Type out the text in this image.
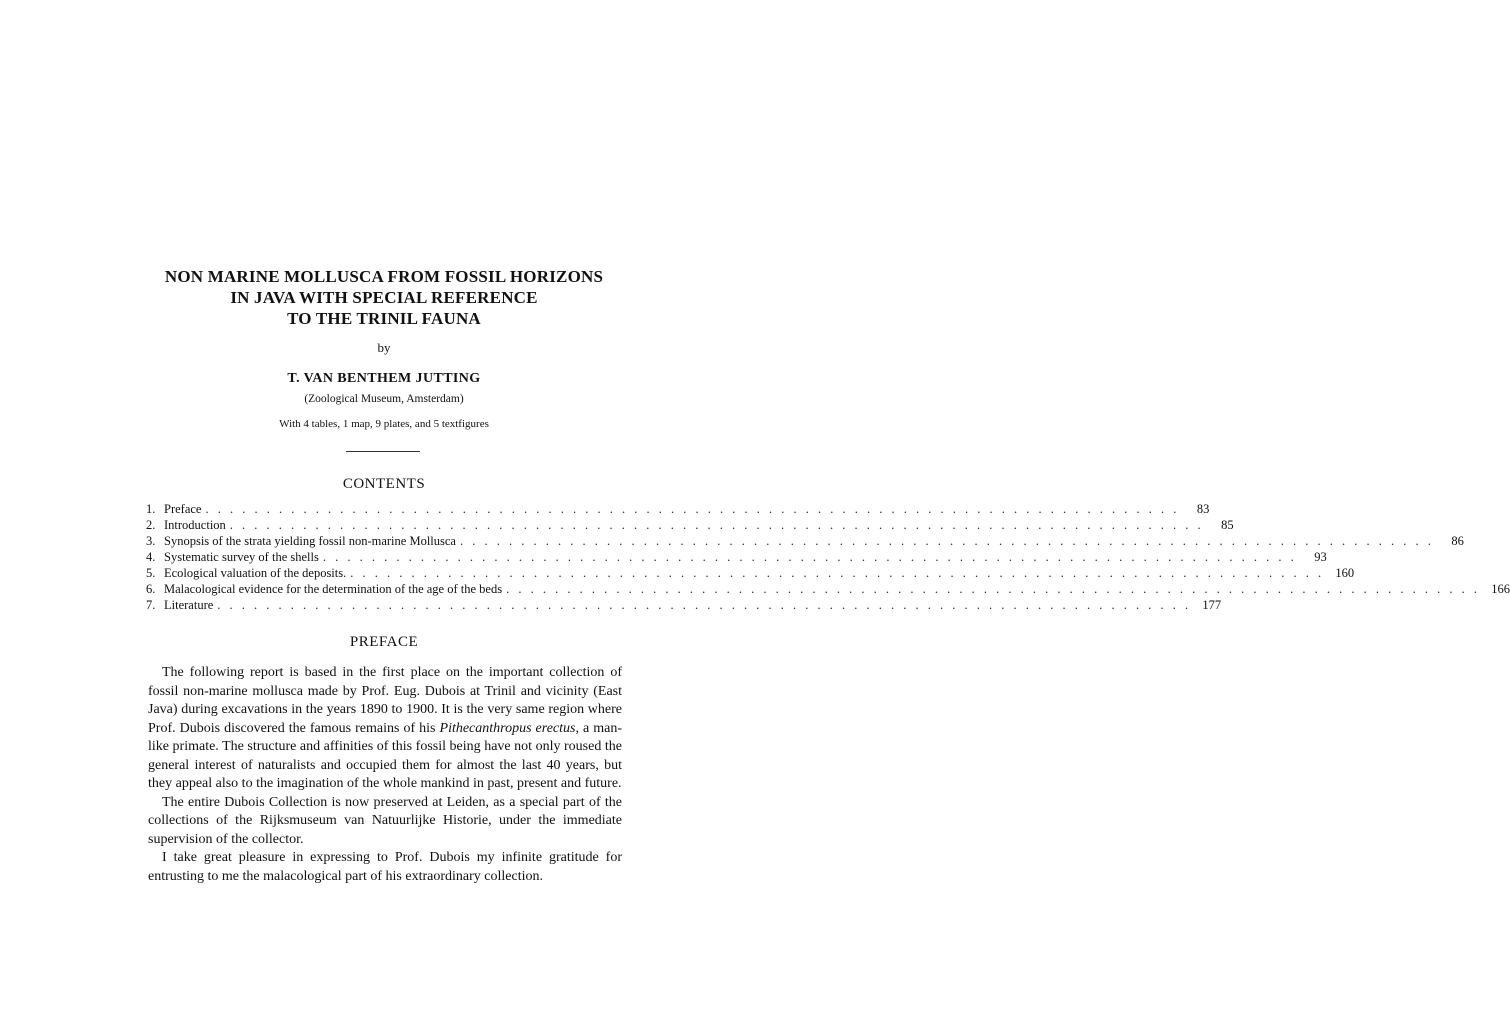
NON MARINE MOLLUSCA FROM FOSSIL HORIZONS
IN JAVA WITH SPECIAL REFERENCE
TO THE TRINIL FAUNA
by
T. VAN BENTHEM JUTTING
(Zoological Museum, Amsterdam)
With 4 tables, 1 map, 9 plates, and 5 textfigures
CONTENTS
1. Preface . . . . . . . . . . . . . . . . . . . . . . . . . . . . . . . . . . . . . . . . . . . . . . . . . . . . . . . . . . . . . . . . . . . . . . . . . . . . . . . .	83
2. Introduction . . . . . . . . . . . . . . . . . . . . . . . . . . . . . . . . . . . . . . . . . . . . . . . . . . . . . . . . . . . . . . . . . . . . . . . . . . . . . . . .	85
3. Synopsis of the strata yielding fossil non-marine Mollusca . . . . . . . . . . . . . . . . . . . . . . . . . . . . . . . . . . . . . . . . . . . . . . . . . . . . . . . . . . . . . . . . . . . . . . . . . . . . . . . .	86
4. Systematic survey of the shells . . . . . . . . . . . . . . . . . . . . . . . . . . . . . . . . . . . . . . . . . . . . . . . . . . . . . . . . . . . . . . . . . . . . . . . . . . . . . . . .	93
5. Ecological valuation of the deposits. . . . . . . . . . . . . . . . . . . . . . . . . . . . . . . . . . . . . . . . . . . . . . . . . . . . . . . . . . . . . . . . . . . . . . . . . . . . . . . . . 160
6. Malacological evidence for the determination of the age of the beds . . . . . . . . . . . . . . . . . . . . . . . . . . . . . . . . . . . . . . . . . . . . . . . . . . . . . . . . . . . . . . . . . . . . . . . . . . . . . . . . 166
7. Literature . . . . . . . . . . . . . . . . . . . . . . . . . . . . . . . . . . . . . . . . . . . . . . . . . . . . . . . . . . . . . . . . . . . . . . . . . . . . . . . . 177
PREFACE

The following report is based in the first place on the important collection of fossil non-marine mollusca made by Prof. Eug. Dubois at Trinil and vicinity (East Java) during excavations in the years 1890 to 1900. It is the very same region where Prof. Dubois discovered the famous remains of his Pithecanthropus erectus, a man-like primate. The structure and affinities of this fossil being have not only roused the general interest of naturalists and occupied them for almost the last 40 years, but they appeal also to the imagination of the whole mankind in past, present and future.

The entire Dubois Collection is now preserved at Leiden, as a special part of the collections of the Rijksmuseum van Natuurlijke Historie, under the immediate supervision of the collector.

I take great pleasure in expressing to Prof. Dubois my infinite gratitude for entrusting to me the malacological part of his extraordinary collection.
